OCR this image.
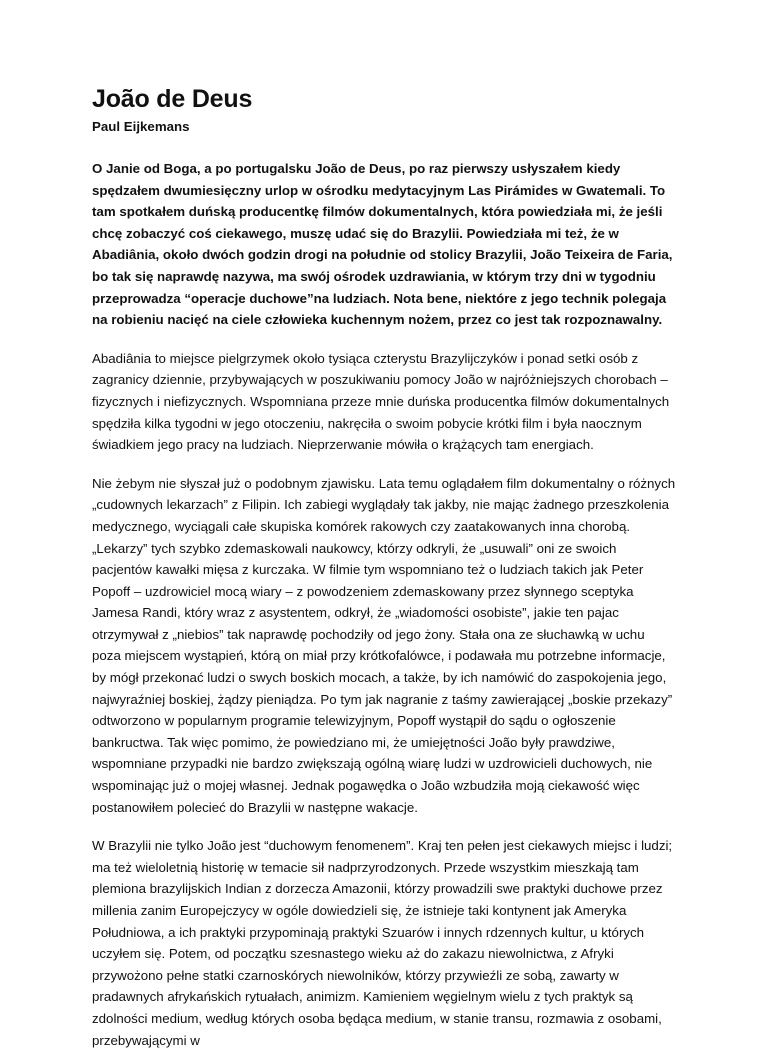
João de Deus
Paul Eijkemans

O Janie od Boga, a po portugalsku João de Deus, po raz pierwszy usłyszałem kiedy spędzałem dwumiesięczny urlop w ośrodku medytacyjnym Las Pirámides w Gwatemali. To tam spotkałem duńską producentkę filmów dokumentalnych, która powiedziała mi, że jeśli chcę zobaczyć coś ciekawego, muszę udać się do Brazylii. Powiedziała mi też, że w Abadiânia, około dwóch godzin drogi na południe od stolicy Brazylii, João Teixeira de Faria, bo tak się naprawdę nazywa, ma swój ośrodek uzdrawiania, w którym trzy dni w tygodniu przeprowadza “operacje duchowe”na ludziach. Nota bene, niektóre z jego technik polegaja na robieniu nacięć na ciele człowieka kuchennym nożem, przez co jest tak rozpoznawalny.

Abadiânia to miejsce pielgrzymek około tysiąca czterystu Brazylijczyków i ponad setki osób z zagranicy dziennie, przybywających w poszukiwaniu pomocy João w najróżniejszych chorobach – fizycznych i niefizycznych. Wspomniana przeze mnie duńska producentka filmów dokumentalnych spędziła kilka tygodni w jego otoczeniu, nakręciła o swoim pobycie krótki film i była naocznym świadkiem jego pracy na ludziach. Nieprzerwanie mówiła o krążących tam energiach.

Nie żebym nie słyszał już o podobnym zjawisku. Lata temu oglądałem film dokumentalny o różnych „cudownych lekarzach” z Filipin. Ich zabiegi wyglądały tak jakby, nie mając żadnego przeszkolenia medycznego, wyciągali całe skupiska komórek rakowych czy zaatakowanych inna chorobą. „Lekarzy” tych szybko zdemaskowali naukowcy, którzy odkryli, że „usuwali” oni ze swoich pacjentów kawałki mięsa z kurczaka. W filmie tym wspomniano też o ludziach takich jak Peter Popoff – uzdrowiciel mocą wiary – z powodzeniem zdemaskowany przez słynnego sceptyka Jamesa Randi, który wraz z asystentem, odkrył, że „wiadomości osobiste”, jakie ten pajac otrzymywał z „niebios” tak naprawdę pochodziły od jego żony. Stała ona ze słuchawką w uchu poza miejscem wystąpień, którą on miał przy krótkofalówce, i podawała mu potrzebne informacje, by mógł przekonać ludzi o swych boskich mocach, a także, by ich namówić do zaspokojenia jego, najwyraźniej boskiej, żądzy pieniądza. Po tym jak nagranie z taśmy zawierającej „boskie przekazy” odtworzono w popularnym programie telewizyjnym, Popoff wystąpił do sądu o ogłoszenie bankructwa. Tak więc pomimo, że powiedziano mi, że umiejętności João były prawdziwe, wspomniane przypadki nie bardzo zwiększają ogólną wiarę ludzi w uzdrowicieli duchowych, nie wspominając już o mojej własnej. Jednak pogawędka o João wzbudziła moją ciekawość więc postanowiłem polecieć do Brazylii w następne wakacje.

W Brazylii nie tylko João jest “duchowym fenomenem”. Kraj ten pełen jest ciekawych miejsc i ludzi; ma też wieloletnią historię w temacie sił nadprzyrodzonych. Przede wszystkim mieszkają tam plemiona brazylijskich Indian z dorzecza Amazonii, którzy prowadzili swe praktyki duchowe przez millenia zanim Europejczycy w ogóle dowiedzieli się, że istnieje taki kontynent jak Ameryka Południowa, a ich praktyki przypominają praktyki Szuarów i innych rdzennych kultur, u których uczyłem się. Potem, od początku szesnastego wieku aż do zakazu niewolnictwa, z Afryki przywożono pełne statki czarnoskórych niewolników, którzy przywieźli ze sobą, zawarty w pradawnych afrykańskich rytuałach, animizm. Kamieniem węgielnym wielu z tych praktyk są zdolności medium, według których osoba będąca medium, w stanie transu, rozmawia z osobami, przebywającymi w
